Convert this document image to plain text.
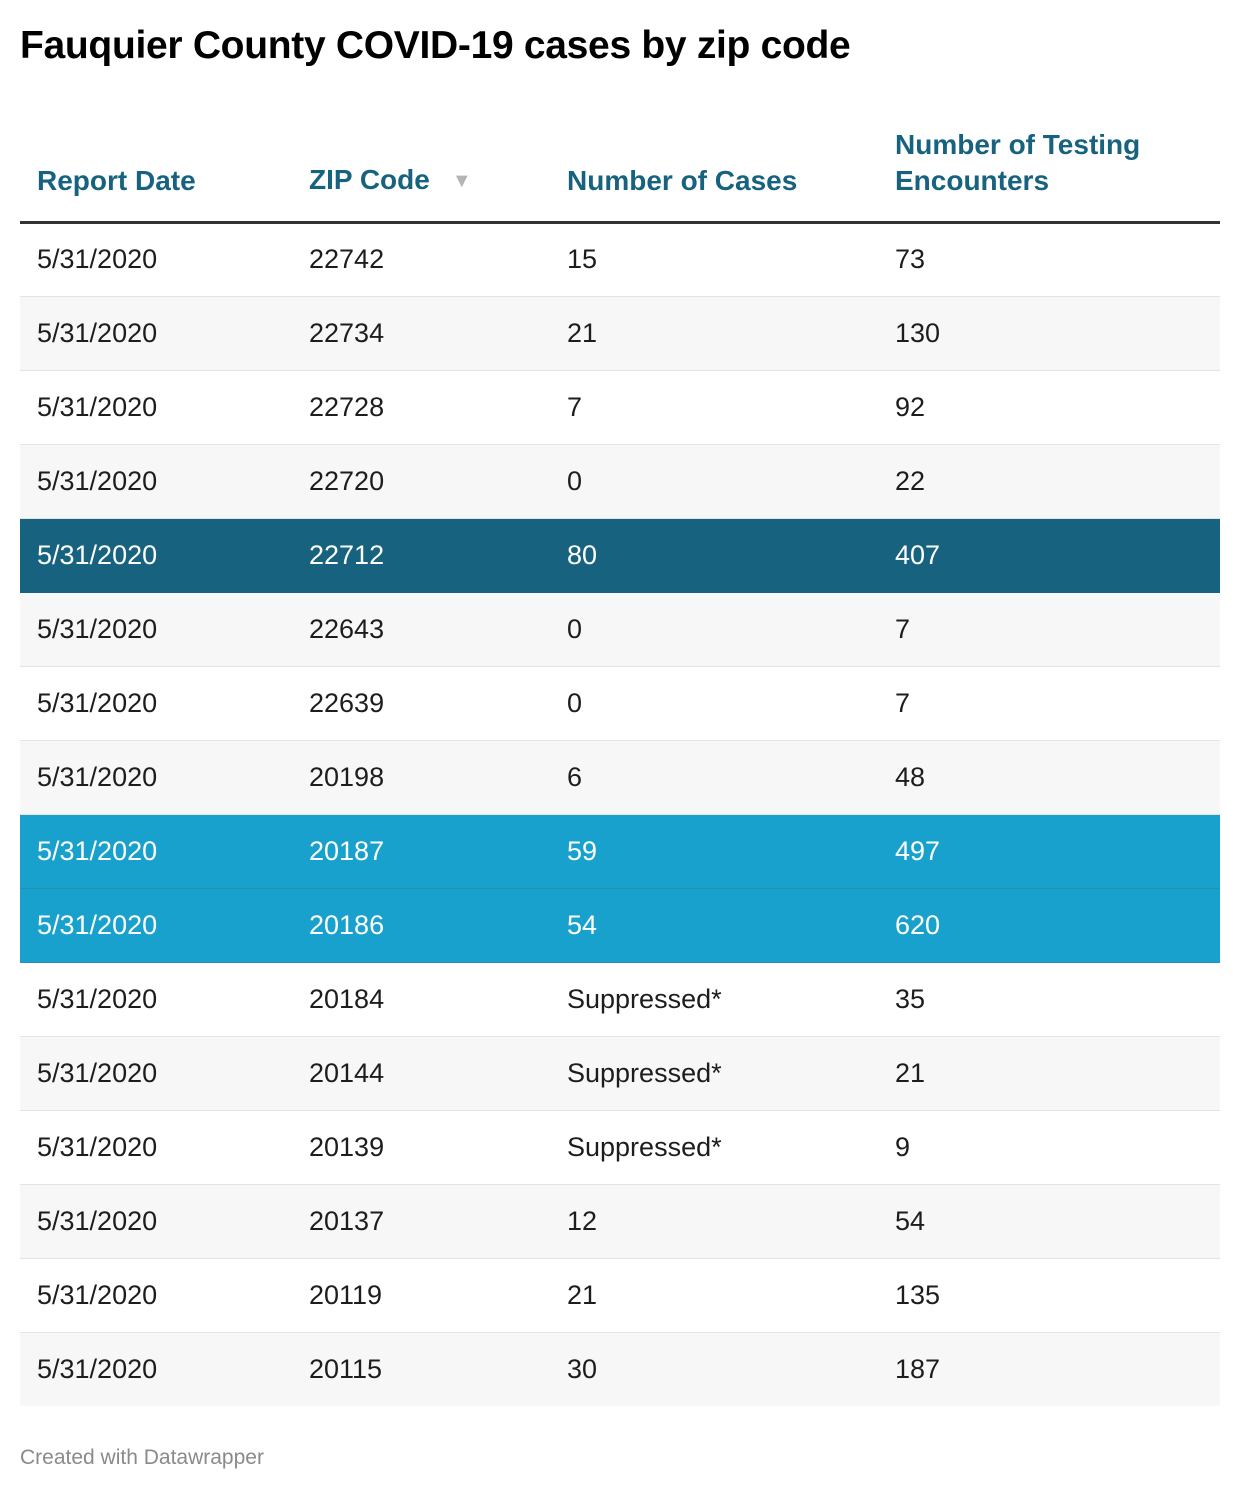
Fauquier County COVID-19 cases by zip code
Report Date	ZIP Code ▼	Number of Cases	Number of Testing Encounters
5/31/2020	22742	15	73
5/31/2020	22734	21	130
5/31/2020	22728	7	92
5/31/2020	22720	0	22
5/31/2020	22712	80	407
5/31/2020	22643	0	7
5/31/2020	22639	0	7
5/31/2020	20198	6	48
5/31/2020	20187	59	497
5/31/2020	20186	54	620
5/31/2020	20184	Suppressed*	35
5/31/2020	20144	Suppressed*	21
5/31/2020	20139	Suppressed*	9
5/31/2020	20137	12	54
5/31/2020	20119	21	135
5/31/2020	20115	30	187
Created with Datawrapper
